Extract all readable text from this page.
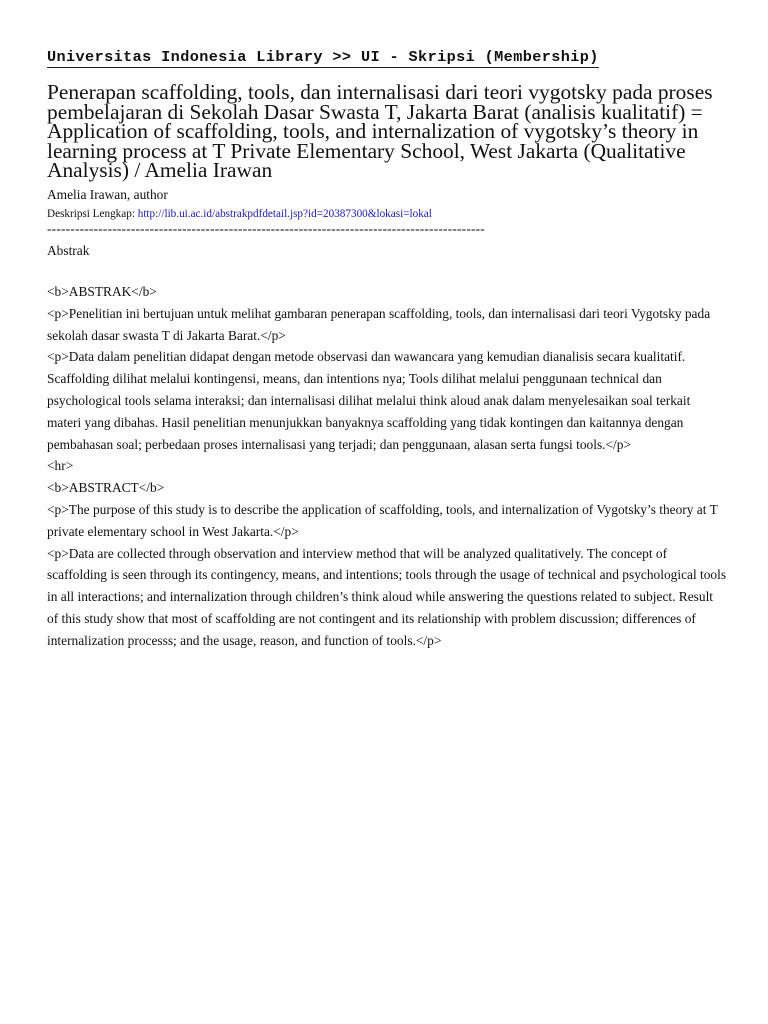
Universitas Indonesia Library >> UI - Skripsi (Membership)
Penerapan scaffolding, tools, dan internalisasi dari teori vygotsky pada proses pembelajaran di Sekolah Dasar Swasta T, Jakarta Barat (analisis kualitatif) = Application of scaffolding, tools, and internalization of vygotsky’s theory in learning process at T Private Elementary School, West Jakarta (Qualitative Analysis) / Amelia Irawan
Amelia Irawan, author
Deskripsi Lengkap: http://lib.ui.ac.id/abstrakpdfdetail.jsp?id=20387300&lokasi=lokal
----------------------------------------------------------------------------------------------
Abstrak

<b>ABSTRAK</b>

<p>Penelitian ini bertujuan untuk melihat gambaran penerapan scaffolding, tools, dan internalisasi dari teori Vygotsky pada sekolah dasar swasta T di Jakarta Barat.</p>

<p>Data dalam penelitian didapat dengan metode observasi dan wawancara yang kemudian dianalisis secara kualitatif. Scaffolding dilihat melalui kontingensi, means, dan intentions nya; Tools dilihat melalui penggunaan technical dan psychological tools selama interaksi; dan internalisasi dilihat melalui think aloud anak dalam menyelesaikan soal terkait materi yang dibahas. Hasil penelitian menunjukkan banyaknya scaffolding yang tidak kontingen dan kaitannya dengan pembahasan soal; perbedaan proses internalisasi yang terjadi; dan penggunaan, alasan serta fungsi tools.</p>

<hr>

<b>ABSTRACT</b>

<p>The purpose of this study is to describe the application of scaffolding, tools, and internalization of Vygotsky’s theory at T private elementary school in West Jakarta.</p>

<p>Data are collected through observation and interview method that will be analyzed qualitatively. The concept of scaffolding is seen through its contingency, means, and intentions; tools through the usage of technical and psychological tools in all interactions; and internalization through children’s think aloud while answering the questions related to subject. Result of this study show that most of scaffolding are not contingent and its relationship with problem discussion; differences of internalization processs; and the usage, reason, and function of tools.</p>
